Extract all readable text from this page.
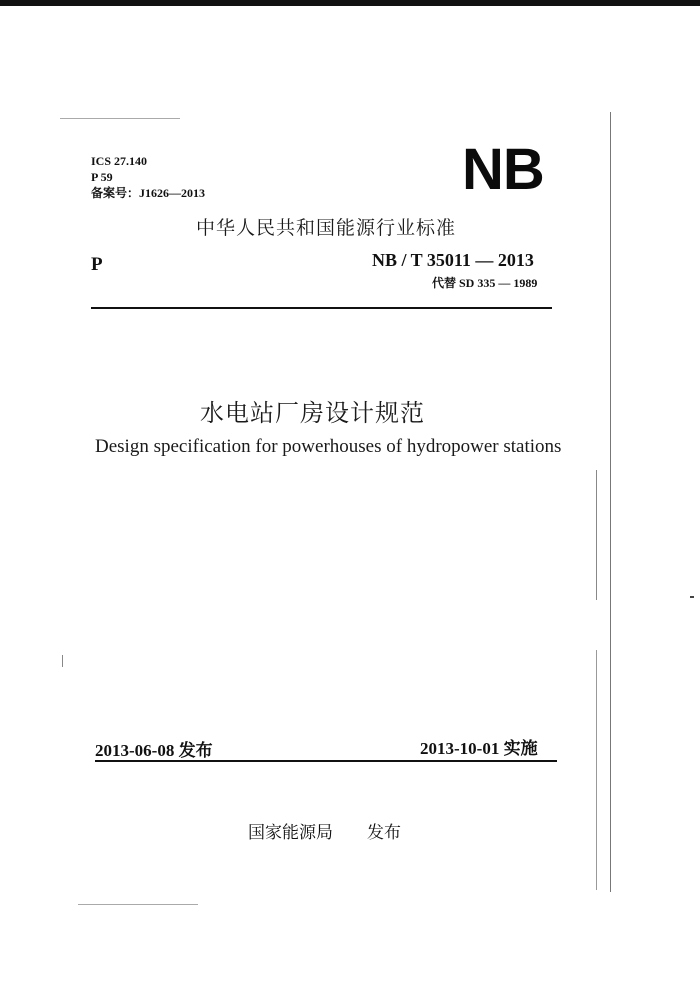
ICS 27.140
P 59
备案号：J1626—2013	NB
中华人民共和国能源行业标准
P	NB / T 35011 — 2013
代替 SD 335 — 1989
水电站厂房设计规范
Design specification for powerhouses of hydropower stations
2013-06-08 发布	2013-10-01 实施
国家能源局　　发布
